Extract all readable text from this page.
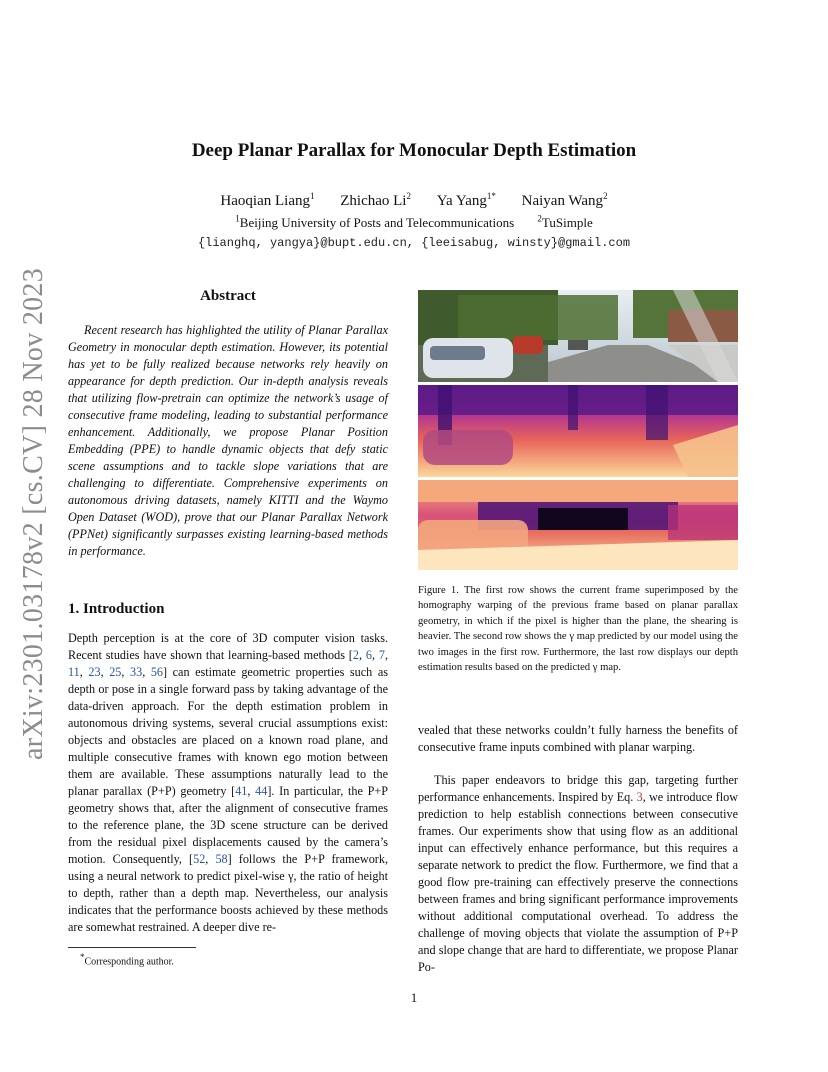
arXiv:2301.03178v2 [cs.CV] 28 Nov 2023
Deep Planar Parallax for Monocular Depth Estimation
Haoqian Liang$^1$ Zhichao Li$^2$ Ya Yang$^{1*}$ Naiyan Wang$^2$
$^1$Beijing University of Posts and Telecommunications	$^2$TuSimple
{lianghq, yangya}@bupt.edu.cn, {leeisabug, winsty}@gmail.com
Abstract
Recent research has highlighted the utility of Planar Parallax Geometry in monocular depth estimation. However, its potential has yet to be fully realized because networks rely heavily on appearance for depth prediction. Our in-depth analysis reveals that utilizing flow-pretrain can optimize the network’s usage of consecutive frame modeling, leading to substantial performance enhancement. Additionally, we propose Planar Position Embedding (PPE) to handle dynamic objects that defy static scene assumptions and to tackle slope variations that are challenging to differentiate. Comprehensive experiments on autonomous driving datasets, namely KITTI and the Waymo Open Dataset (WOD), prove that our Planar Parallax Network (PPNet) significantly surpasses existing learning-based methods in performance.
1. Introduction
Depth perception is at the core of 3D computer vision tasks. Recent studies have shown that learning-based methods [2, 6, 7, 11, 23, 25, 33, 56] can estimate geometric properties such as depth or pose in a single forward pass by taking advantage of the data-driven approach. For the depth estimation problem in autonomous driving systems, several crucial assumptions exist: objects and obstacles are placed on a known road plane, and multiple consecutive frames with known ego motion between them are available. These assumptions naturally lead to the planar parallax (P+P) geometry [41, 44]. In particular, the P+P geometry shows that, after the alignment of consecutive frames to the reference plane, the 3D scene structure can be derived from the residual pixel displacements caused by the camera’s motion. Consequently, [52, 58] follows the P+P framework, using a neural network to predict pixel-wise γ, the ratio of height to depth, rather than a depth map. Nevertheless, our analysis indicates that the performance boosts achieved by these methods are somewhat restrained. A deeper dive re-
*Corresponding author.
Figure 1. The first row shows the current frame superimposed by the homography warping of the previous frame based on planar parallax geometry, in which if the pixel is higher than the plane, the shearing is heavier. The second row shows the γ map predicted by our model using the two images in the first row. Furthermore, the last row displays our depth estimation results based on the predicted γ map.
vealed that these networks couldn’t fully harness the benefits of consecutive frame inputs combined with planar warping.
This paper endeavors to bridge this gap, targeting further performance enhancements. Inspired by Eq. 3, we introduce flow prediction to help establish connections between consecutive frames. Our experiments show that using flow as an additional input can effectively enhance performance, but this requires a separate network to predict the flow. Furthermore, we find that a good flow pre-training can effectively preserve the connections between frames and bring significant performance improvements without additional computational overhead. To address the challenge of moving objects that violate the assumption of P+P and slope change that are hard to differentiate, we propose Planar Po-
1
